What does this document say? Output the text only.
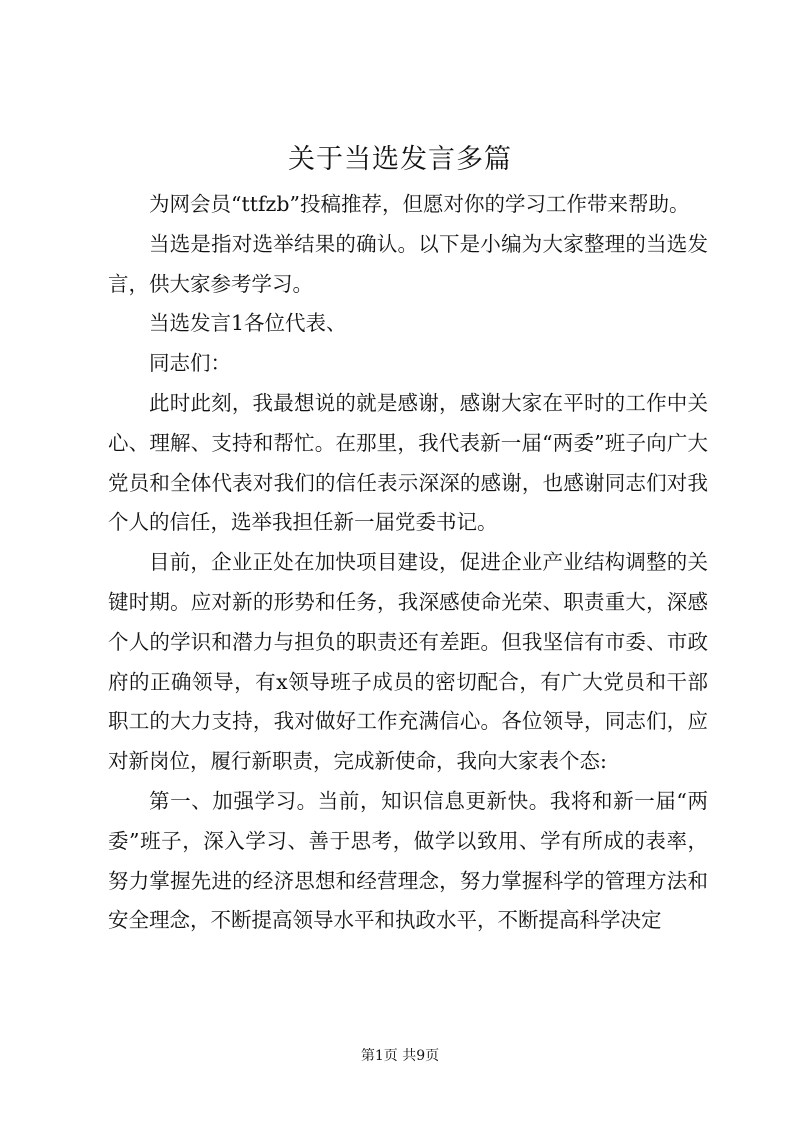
关于当选发言多篇

为网会员“ttfzb”投稿推荐，但愿对你的学习工作带来帮助。

当选是指对选举结果的确认。以下是小编为大家整理的当选发言，供大家参考学习。

当选发言1各位代表、

同志们：

此时此刻，我最想说的就是感谢，感谢大家在平时的工作中关心、理解、支持和帮忙。在那里，我代表新一届“两委”班子向广大党员和全体代表对我们的信任表示深深的感谢，也感谢同志们对我个人的信任，选举我担任新一届党委书记。

目前，企业正处在加快项目建设，促进企业产业结构调整的关键时期。应对新的形势和任务，我深感使命光荣、职责重大，深感个人的学识和潜力与担负的职责还有差距。但我坚信有市委、市政府的正确领导，有x领导班子成员的密切配合，有广大党员和干部职工的大力支持，我对做好工作充满信心。各位领导，同志们，应对新岗位，履行新职责，完成新使命，我向大家表个态:

第一、加强学习。当前，知识信息更新快。我将和新一届“两委”班子，深入学习、善于思考，做学以致用、学有所成的表率，努力掌握先进的经济思想和经营理念，努力掌握科学的管理方法和安全理念，不断提高领导水平和执政水平，不断提高科学决定

第1页 共9页
